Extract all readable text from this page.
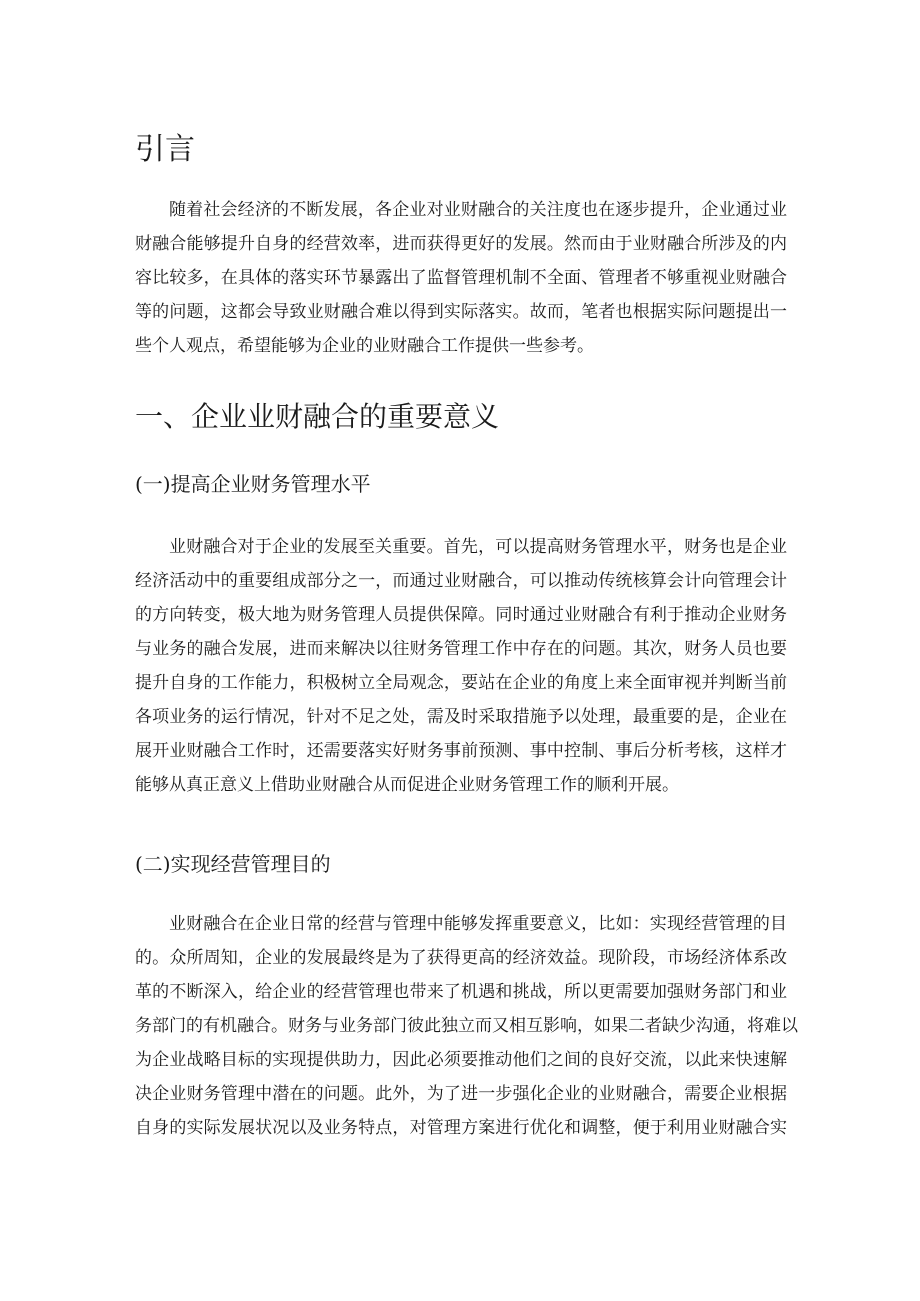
引言
随着社会经济的不断发展，各企业对业财融合的关注度也在逐步提升，企业通过业
财融合能够提升自身的经营效率，进而获得更好的发展。然而由于业财融合所涉及的内
容比较多，在具体的落实环节暴露出了监督管理机制不全面、管理者不够重视业财融合
等的问题，这都会导致业财融合难以得到实际落实。故而，笔者也根据实际问题提出一
些个人观点，希望能够为企业的业财融合工作提供一些参考。
一、企业业财融合的重要意义
(一)提高企业财务管理水平
业财融合对于企业的发展至关重要。首先，可以提高财务管理水平，财务也是企业
经济活动中的重要组成部分之一，而通过业财融合，可以推动传统核算会计向管理会计
的方向转变，极大地为财务管理人员提供保障。同时通过业财融合有利于推动企业财务
与业务的融合发展，进而来解决以往财务管理工作中存在的问题。其次，财务人员也要
提升自身的工作能力，积极树立全局观念，要站在企业的角度上来全面审视并判断当前
各项业务的运行情况，针对不足之处，需及时采取措施予以处理，最重要的是，企业在
展开业财融合工作时，还需要落实好财务事前预测、事中控制、事后分析考核，这样才
能够从真正意义上借助业财融合从而促进企业财务管理工作的顺利开展。
(二)实现经营管理目的
业财融合在企业日常的经营与管理中能够发挥重要意义，比如：实现经营管理的目
的。众所周知，企业的发展最终是为了获得更高的经济效益。现阶段，市场经济体系改
革的不断深入，给企业的经营管理也带来了机遇和挑战，所以更需要加强财务部门和业
务部门的有机融合。财务与业务部门彼此独立而又相互影响，如果二者缺少沟通，将难以
为企业战略目标的实现提供助力，因此必须要推动他们之间的良好交流，以此来快速解
决企业财务管理中潜在的问题。此外，为了进一步强化企业的业财融合，需要企业根据
自身的实际发展状况以及业务特点，对管理方案进行优化和调整，便于利用业财融合实
